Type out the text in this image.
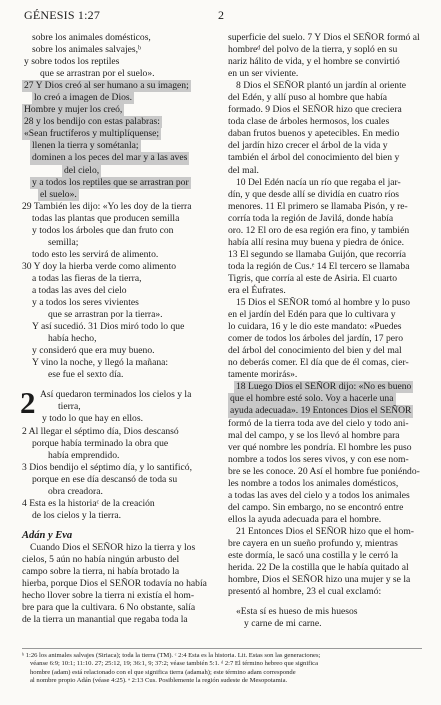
GÉNESIS 1:27	2
sobre los animales domésticos,
sobre los animales salvajes,ᵇ
y sobre todos los reptiles
que se arrastran por el suelo».
27 Y Dios creó al ser humano a su imagen;
lo creó a imagen de Dios.
Hombre y mujer los creó,
28 y los bendijo con estas palabras:
«Sean fructíferos y multiplíquense;
llenen la tierra y sométanla;
dominen a los peces del mar y a las aves
del cielo,
y a todos los reptiles que se arrastran por
el suelo».
29 También les dijo: «Yo les doy de la tierra
todas las plantas que producen semilla
y todos los árboles que dan fruto con
semilla;
todo esto les servirá de alimento.
30 Y doy la hierba verde como alimento
a todas las fieras de la tierra,
a todas las aves del cielo
y a todos los seres vivientes
que se arrastran por la tierra».
Y así sucedió. 31 Dios miró todo lo que
había hecho,
y consideró que era muy bueno.
Y vino la noche, y llegó la mañana:
ese fue el sexto día.
2 Así quedaron terminados los cielos y la
tierra,
y todo lo que hay en ellos.
2 Al llegar el séptimo día, Dios descansó
porque había terminado la obra que
había emprendido.
3 Dios bendijo el séptimo día, y lo santificó,
porque en ese día descansó de toda su
obra creadora.
4 Esta es la historiaᶜ de la creación
de los cielos y la tierra.
Adán y Eva
Cuando Dios el SEÑOR hizo la tierra y los
cielos, 5 aún no había ningún arbusto del
campo sobre la tierra, ni había brotado la
hierba, porque Dios el SEÑOR todavía no había
hecho llover sobre la tierra ni existía el hom-
bre para que la cultivara. 6 No obstante, salía
de la tierra un manantial que regaba toda la
superficie del suelo. 7 Y Dios el SEÑOR formó al
hombreᵈ del polvo de la tierra, y sopló en su
nariz hálito de vida, y el hombre se convirtió
en un ser viviente.
8 Dios el SEÑOR plantó un jardín al oriente
del Edén, y allí puso al hombre que había
formado. 9 Dios el SEÑOR hizo que creciera
toda clase de árboles hermosos, los cuales
daban frutos buenos y apetecibles. En medio
del jardín hizo crecer el árbol de la vida y
también el árbol del conocimiento del bien y
del mal.
10 Del Edén nacía un río que regaba el jar-
dín, y que desde allí se dividía en cuatro ríos
menores. 11 El primero se llamaba Pisón, y re-
corría toda la región de Javilá, donde había
oro. 12 El oro de esa región era fino, y también
había allí resina muy buena y piedra de ónice.
13 El segundo se llamaba Guijón, que recorría
toda la región de Cus.ᵉ 14 El tercero se llamaba
Tigris, que corría al este de Asiria. El cuarto
era el Éufrates.
15 Dios el SEÑOR tomó al hombre y lo puso
en el jardín del Edén para que lo cultivara y
lo cuidara, 16 y le dio este mandato: «Puedes
comer de todos los árboles del jardín, 17 pero
del árbol del conocimiento del bien y del mal
no deberás comer. El día que de él comas, cier-
tamente morirás».
18 Luego Dios el SEÑOR dijo: «No es bueno
que el hombre esté solo. Voy a hacerle una
ayuda adecuada». 19 Entonces Dios el SEÑOR
formó de la tierra toda ave del cielo y todo ani-
mal del campo, y se los llevó al hombre para
ver qué nombre les pondría. El hombre les puso
nombre a todos los seres vivos, y con ese nom-
bre se les conoce. 20 Así el hombre fue poniéndo-
les nombre a todos los animales domésticos,
a todas las aves del cielo y a todos los animales
del campo. Sin embargo, no se encontró entre
ellos la ayuda adecuada para el hombre.
21 Entonces Dios el SEÑOR hizo que el hom-
bre cayera en un sueño profundo y, mientras
este dormía, le sacó una costilla y le cerró la
herida. 22 De la costilla que le había quitado al
hombre, Dios el SEÑOR hizo una mujer y se la
presentó al hombre, 23 el cual exclamó:
«Esta sí es hueso de mis huesos
y carne de mi carne.
ᵇ 1:26 los animales salvajes (Siriaca); toda la tierra (TM). ᶜ 2:4 Esta es la historia. Lit. Estas son las generaciones;
véanse 6:9; 10:1; 11:10. 27; 25:12, 19; 36:1, 9; 37:2; véase también 5:1. ᵈ 2:7 El término hebreo que significa
hombre (adam) está relacionado con el que significa tierra (adamah); este término adam corresponde
al nombre propio Adán (véase 4:25). ᵉ 2:13 Cus. Posiblemente la región sudeste de Mesopotamia.
